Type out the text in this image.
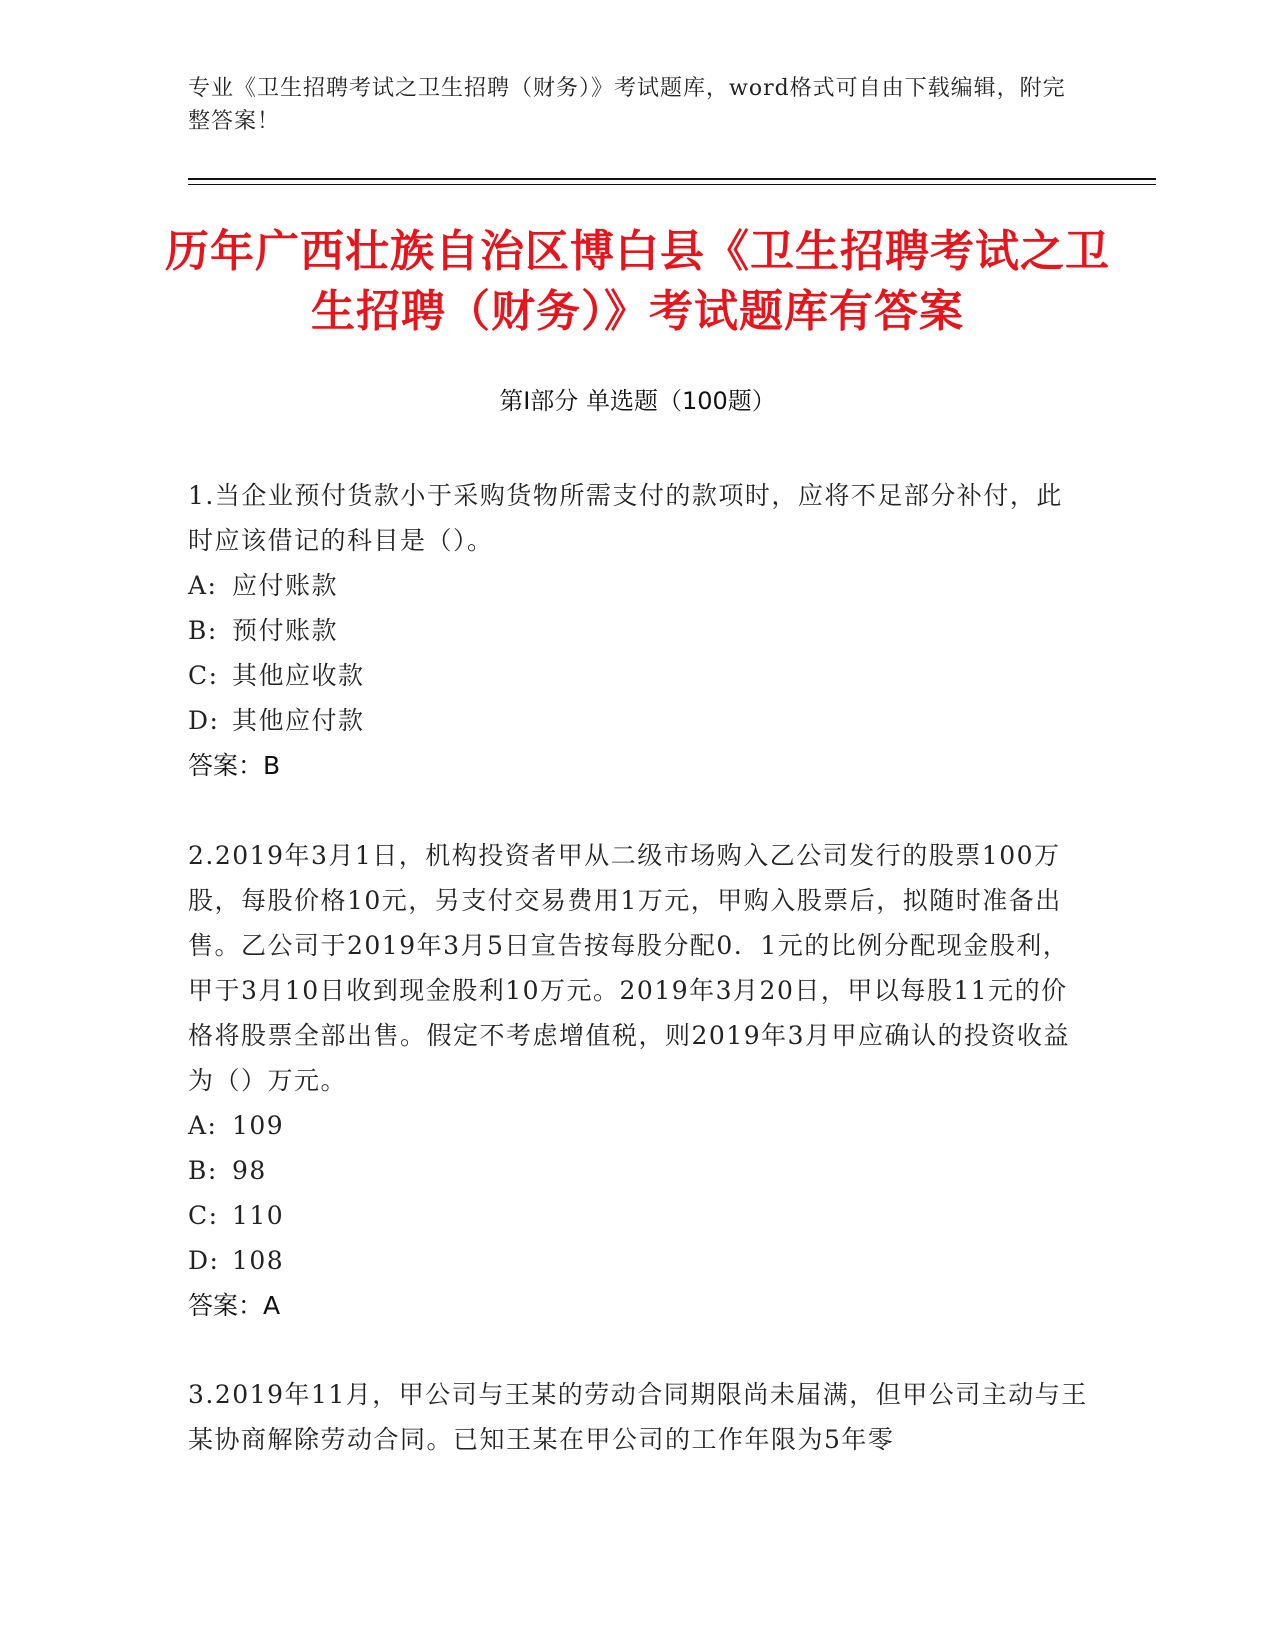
专业《卫生招聘考试之卫生招聘（财务）》考试题库，word格式可自由下载编辑，附完整答案！
历年广西壮族自治区博白县《卫生招聘考试之卫生招聘（财务）》考试题库有答案
第Ⅰ部分 单选题（100题）
1.当企业预付货款小于采购货物所需支付的款项时，应将不足部分补付，此时应该借记的科目是（）。
A: 应付账款
B: 预付账款
C: 其他应收款
D: 其他应付款
答案：B
2.2019年3月1日，机构投资者甲从二级市场购入乙公司发行的股票100万股，每股价格10元，另支付交易费用1万元，甲购入股票后，拟随时准备出售。乙公司于2019年3月5日宣告按每股分配0．1元的比例分配现金股利，甲于3月10日收到现金股利10万元。2019年3月20日，甲以每股11元的价格将股票全部出售。假定不考虑增值税，则2019年3月甲应确认的投资收益为（）万元。
A: 109
B: 98
C: 110
D: 108
答案：A
3.2019年11月，甲公司与王某的劳动合同期限尚未届满，但甲公司主动与王某协商解除劳动合同。已知王某在甲公司的工作年限为5年零
